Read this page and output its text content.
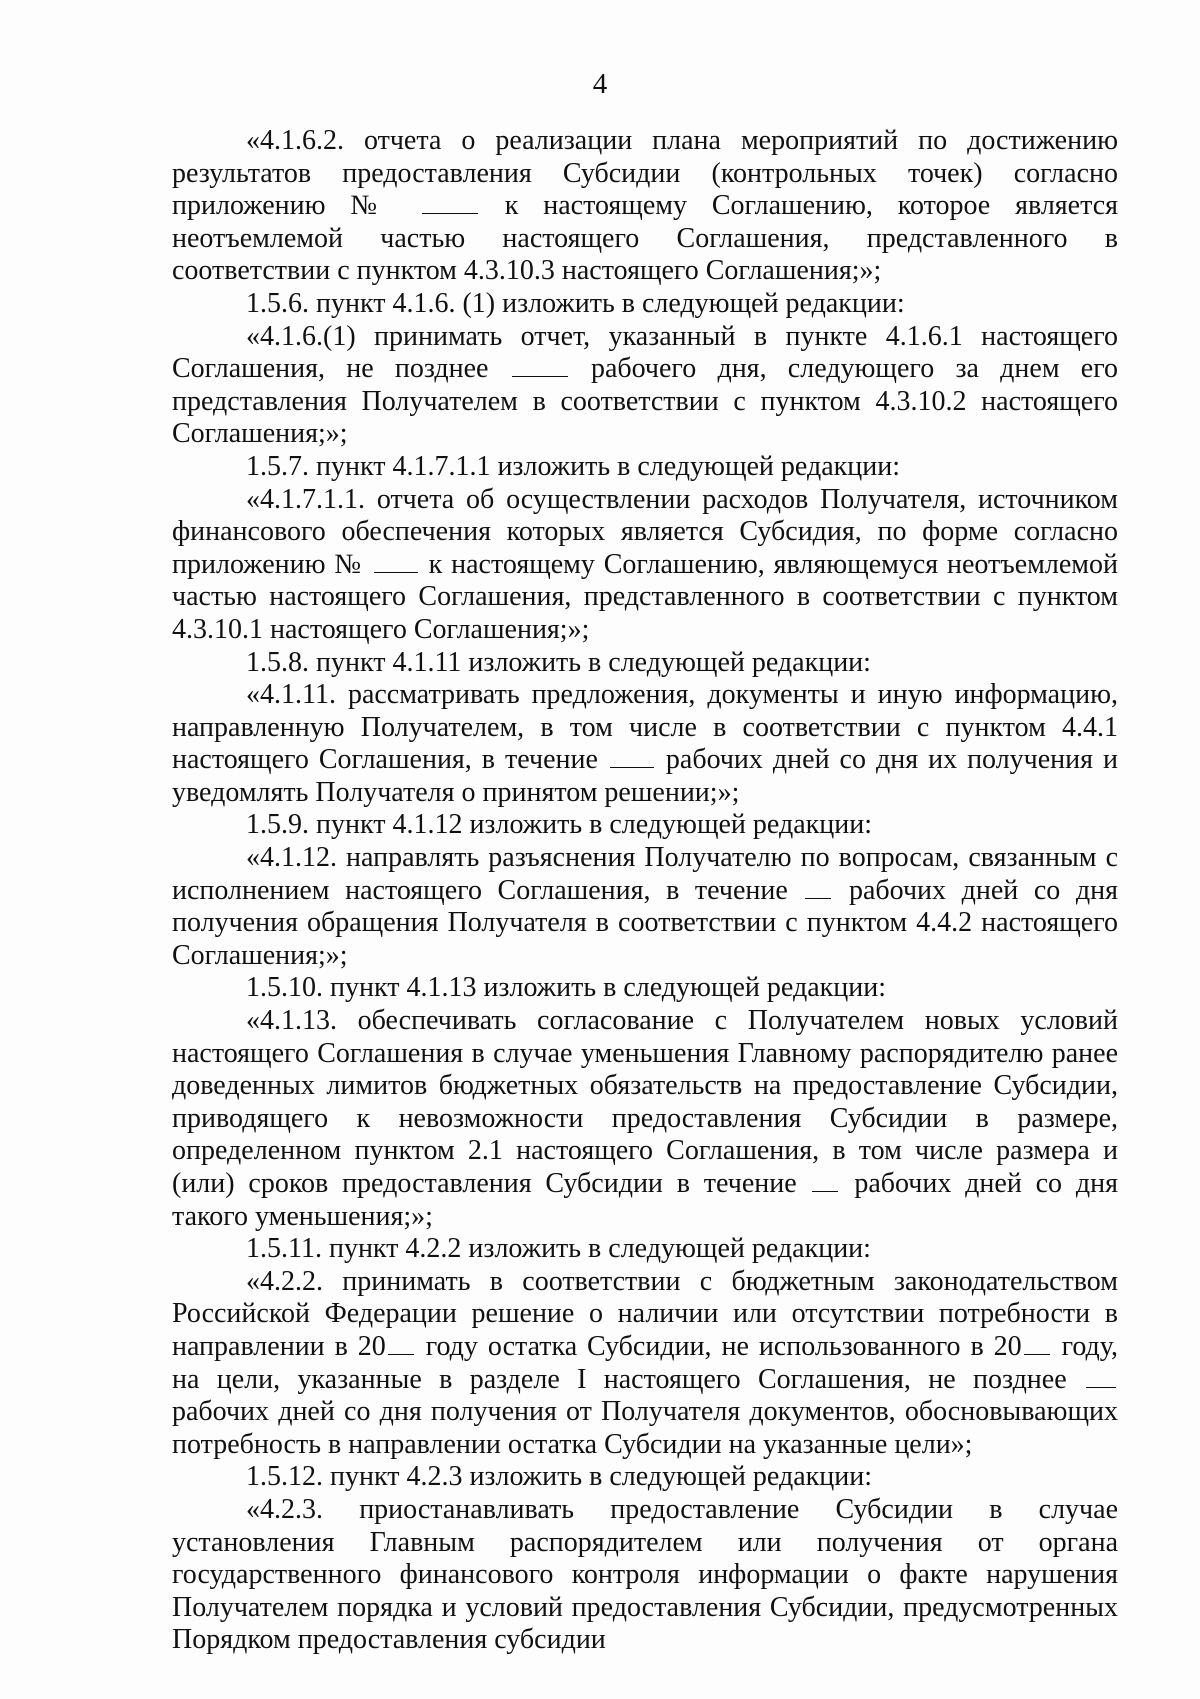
4

«4.1.6.2. отчета о реализации плана мероприятий по достижению результатов предоставления Субсидии (контрольных точек) согласно приложению №  к настоящему Соглашению, которое является неотъемлемой частью настоящего Соглашения, представленного в соответствии с пунктом 4.3.10.3 настоящего Соглашения;»;

1.5.6. пункт 4.1.6. (1) изложить в следующей редакции:

«4.1.6.(1) принимать отчет, указанный в пункте 4.1.6.1 настоящего Соглашения, не позднее  рабочего дня, следующего за днем его представления Получателем в соответствии с пунктом 4.3.10.2 настоящего Соглашения;»;

1.5.7. пункт 4.1.7.1.1 изложить в следующей редакции:

«4.1.7.1.1. отчета об осуществлении расходов Получателя, источником финансового обеспечения которых является Субсидия, по форме согласно приложению №  к настоящему Соглашению, являющемуся неотъемлемой частью настоящего Соглашения, представленного в соответствии с пунктом 4.3.10.1 настоящего Соглашения;»;

1.5.8. пункт 4.1.11 изложить в следующей редакции:

«4.1.11. рассматривать предложения, документы и иную информацию, направленную Получателем, в том числе в соответствии с пунктом 4.4.1 настоящего Соглашения, в течение  рабочих дней со дня их получения и уведомлять Получателя о принятом решении;»;

1.5.9. пункт 4.1.12 изложить в следующей редакции:

«4.1.12. направлять разъяснения Получателю по вопросам, связанным с исполнением настоящего Соглашения, в течение  рабочих дней со дня получения обращения Получателя в соответствии с пунктом 4.4.2 настоящего Соглашения;»;

1.5.10. пункт 4.1.13 изложить в следующей редакции:

«4.1.13. обеспечивать согласование с Получателем новых условий настоящего Соглашения в случае уменьшения Главному распорядителю ранее доведенных лимитов бюджетных обязательств на предоставление Субсидии, приводящего к невозможности предоставления Субсидии в размере, определенном пунктом 2.1 настоящего Соглашения, в том числе размера и (или) сроков предоставления Субсидии в течение  рабочих дней со дня такого уменьшения;»;

1.5.11. пункт 4.2.2 изложить в следующей редакции:

«4.2.2. принимать в соответствии с бюджетным законодательством Российской Федерации решение о наличии или отсутствии потребности в направлении в 20 году остатка Субсидии, не использованного в 20 году, на цели, указанные в разделе I настоящего Соглашения, не позднее  рабочих дней со дня получения от Получателя документов, обосновывающих потребность в направлении остатка Субсидии на указанные цели»;

1.5.12. пункт 4.2.3 изложить в следующей редакции:

«4.2.3. приостанавливать предоставление Субсидии в случае установления Главным распорядителем или получения от органа государственного финансового контроля информации о факте нарушения Получателем порядка и условий предоставления Субсидии, предусмотренных Порядком предоставления субсидии
